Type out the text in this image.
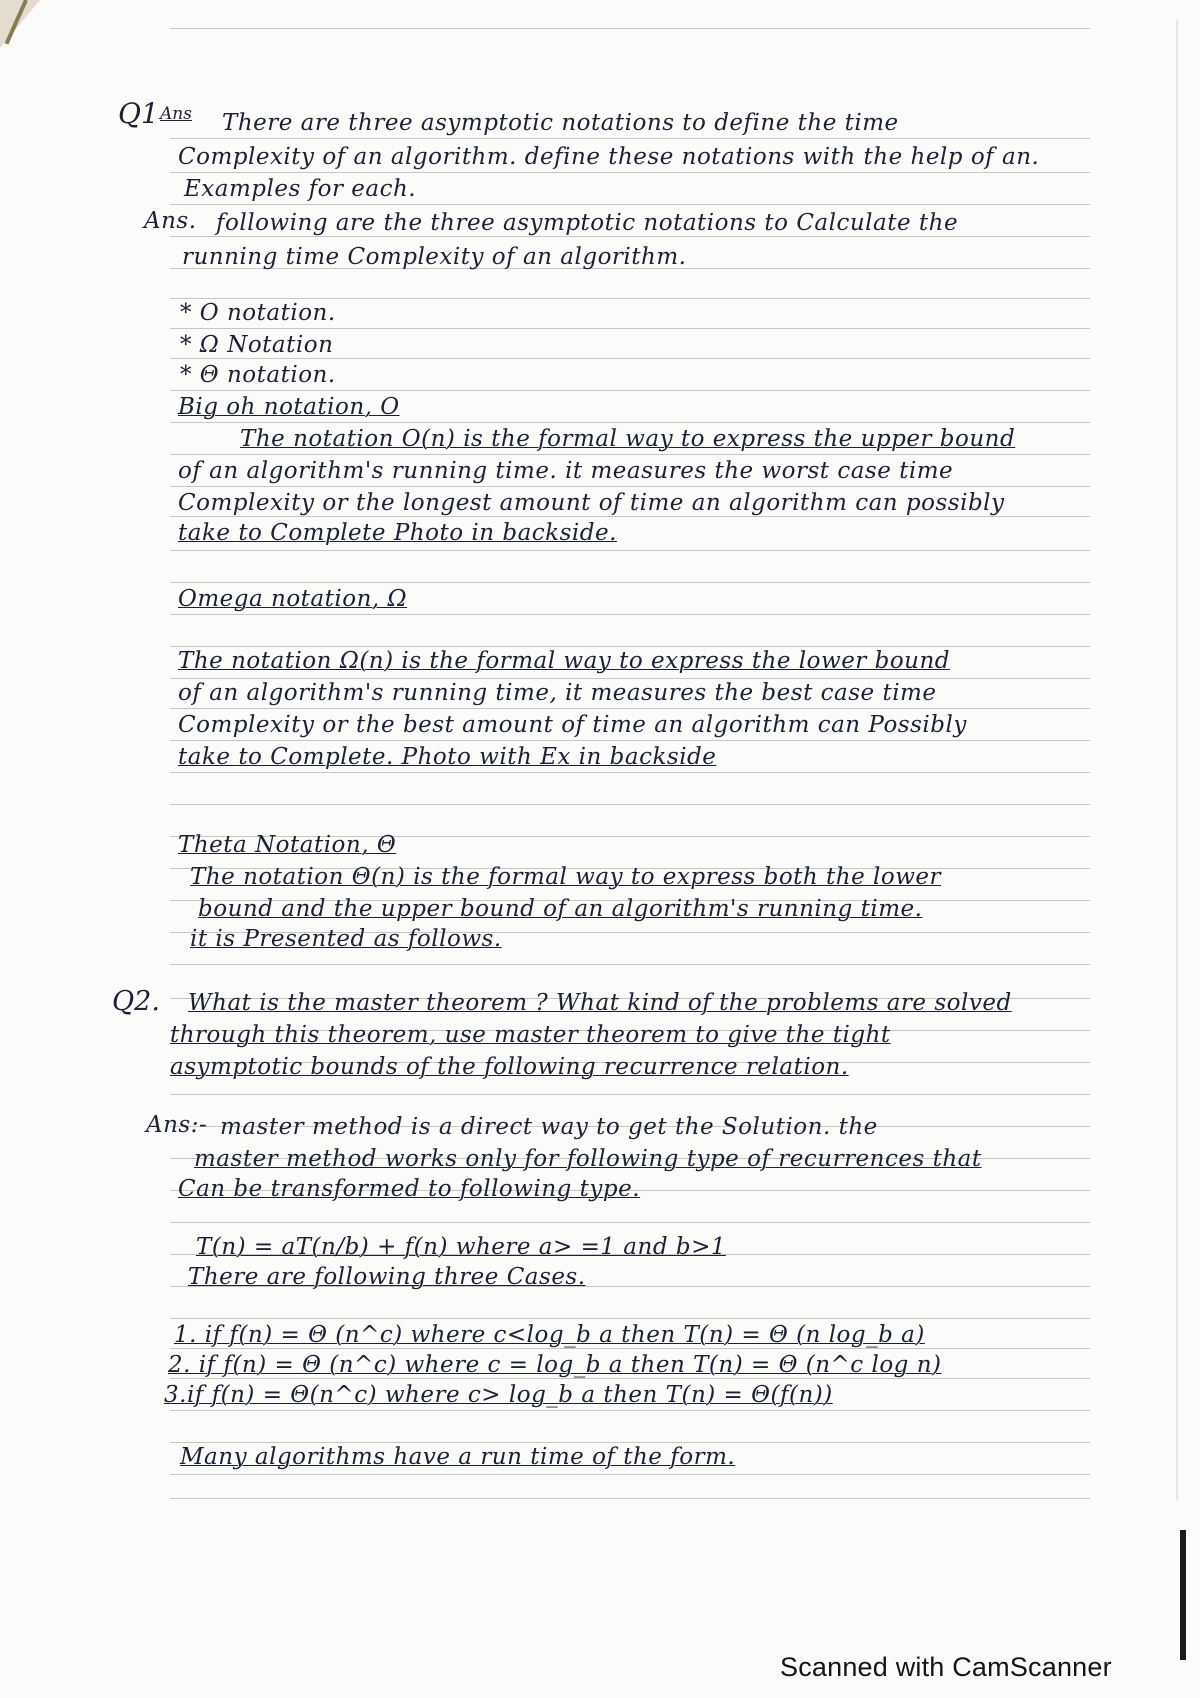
Q1 Ans There are three asymptotic notations to define the time
Complexity of an algorithm. define these notations with the help of an.
Examples for each.
Ans. following are the three asymptotic notations to Calculate the
running time Complexity of an algorithm.
* O notation.
* Ω Notation
* Θ notation.
Big oh notation, O
The notation O(n) is the formal way to express the upper bound
of an algorithm's running time. it measures the worst case time
Complexity or the longest amount of time an algorithm can possibly
take to Complete Photo in backside.
Omega notation, Ω
The notation Ω(n) is the formal way to express the lower bound
of an algorithm's running time, it measures the best case time
Complexity or the best amount of time an algorithm can Possibly
take to Complete. Photo with Ex in backside
Theta Notation, Θ
The notation Θ(n) is the formal way to express both the lower
bound and the upper bound of an algorithm's running time.
it is Presented as follows.
Q2. What is the master theorem ? What kind of the problems are solved
through this theorem, use master theorem to give the tight
asymptotic bounds of the following recurrence relation.
Ans:- master method is a direct way to get the Solution. the
master method works only for following type of recurrences that
Can be transformed to following type.
T(n) = aT(n/b) + f(n) where a> =1 and b>1
There are following three Cases.
1. if f(n) = Θ (n^c) where c<log_b a then T(n) = Θ (n log_b a)
2. if f(n) = Θ (n^c) where c = log_b a then T(n) = Θ (n^c log n)
3.if f(n) = Θ(n^c) where c> log_b a then T(n) = Θ(f(n))
Many algorithms have a run time of the form.
Scanned with CamScanner
